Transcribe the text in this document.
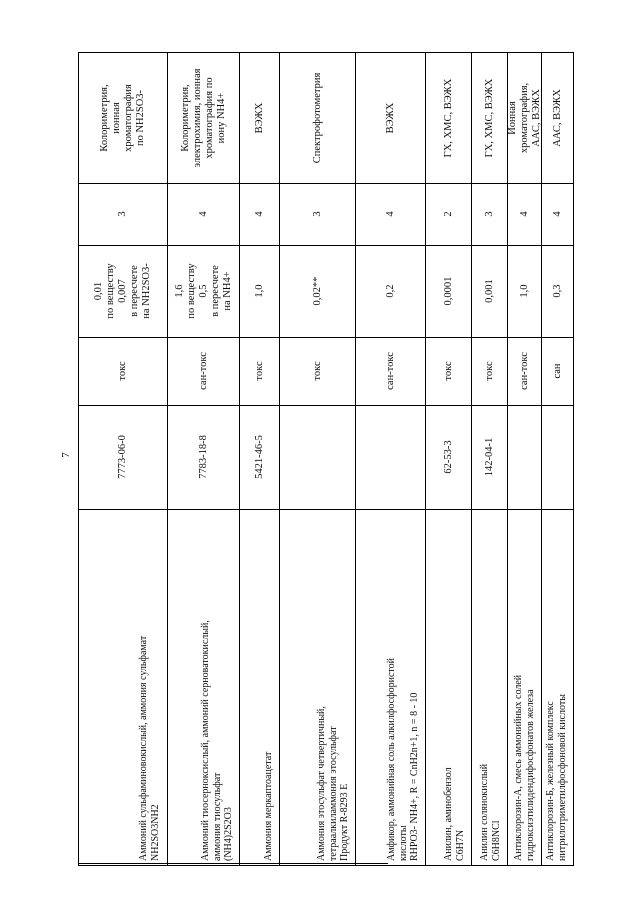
7
Аммоний сульфаминовокислый, аммония сульфамат NH2SO3NH2
7773-06-0
токс
0,01 по веществу 0,007 в пересчете на NH2SO3-
3
Колориметрия, ионная хроматография по NH2SO3-
Аммоний тиосерноксислый, аммоний серноватокислый, аммония тиосульфат (NH4)2S2O3
7783-18-8
сан-токс
1,6 по веществу 0,5 в пересчете на NH4+
4
Колориметрия, электрохимия, ионная хроматография по иону NH4+
Аммония меркаптоацетат
5421-46-5
токс
1,0
4
ВЭЖХ
Аммония этосульфат четвертичный, тетраалкиламмония этосульфат Продукт R-8293 Е
токс
0,02**
3
Спектрофотометрия
Амфикор, аммонийная соль алкилфосфористой кислоты RHPO3- NH4+, R = CnH2n+1, n = 8 - 10
сан-токс
0,2
4
ВЭЖХ
Анилин, аминобензол C6H7N
62-53-3
токс
0,0001
2
ГХ, ХМС, ВЭЖХ
Анилин солянокислый C6H8NCl
142-04-1
токс
0,001
3
ГХ, ХМС, ВЭЖХ
Антиклорозин-А, смесь аммонийных солей гидроксиэтилидендифосфонатов железа
сан-токс
1,0
4
Ионная хроматография, ААС, ВЭЖХ
Антиклорозин-Б, железный комплекс нитрилотриметилфосфоновой кислоты
сан
0,3
4
ААС, ВЭЖХ
